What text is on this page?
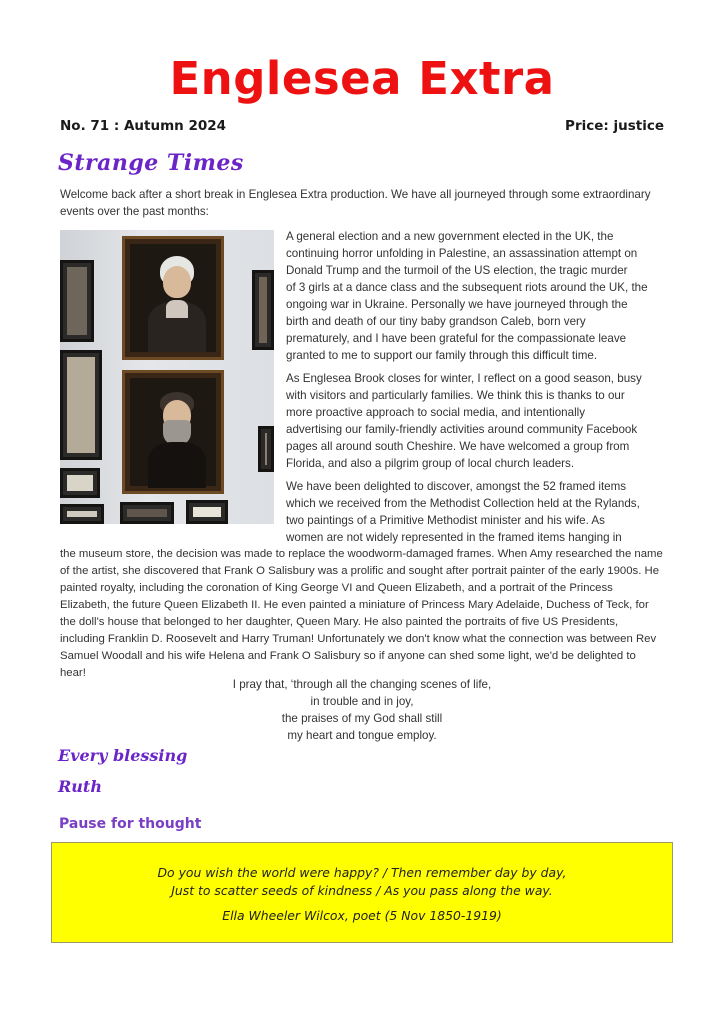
Englesea Extra
No. 71 : Autumn 2024	Price: justice
Strange Times

Welcome back after a short break in Englesea Extra production. We have all journeyed through some extraordinary events over the past months:

A general election and a new government elected in the UK, the

continuing horror unfolding in Palestine, an assassination attempt on

Donald Trump and the turmoil of the US election, the tragic murder

of 3 girls at a dance class and the subsequent riots around the UK, the

ongoing war in Ukraine. Personally we have journeyed through the

birth and death of our tiny baby grandson Caleb, born very

prematurely, and I have been grateful for the compassionate leave

granted to me to support our family through this difficult time.

As Englesea Brook closes for winter, I reflect on a good season, busy

with visitors and particularly families. We think this is thanks to our

more proactive approach to social media, and intentionally

advertising our family-friendly activities around community Facebook

pages all around south Cheshire. We have welcomed a group from

Florida, and also a pilgrim group of local church leaders.

We have been delighted to discover, amongst the 52 framed items

which we received from the Methodist Collection held at the Rylands,

two paintings of a Primitive Methodist minister and his wife. As

women are not widely represented in the framed items hanging in

the museum store, the decision was made to replace the woodworm-damaged frames. When Amy researched the name of the artist, she discovered that Frank O Salisbury was a prolific and sought after portrait painter of the early 1900s. He painted royalty, including the coronation of King George VI and Queen Elizabeth, and a portrait of the Princess Elizabeth, the future Queen Elizabeth II. He even painted a miniature of Princess Mary Adelaide, Duchess of Teck, for the doll's house that belonged to her daughter, Queen Mary. He also painted the portraits of five US Presidents, including Franklin D. Roosevelt and Harry Truman! Unfortunately we don't know what the connection was between Rev Samuel Woodall and his wife Helena and Frank O Salisbury so if anyone can shed some light, we'd be delighted to hear!

I pray that, ‘through all the changing scenes of life,
in trouble and in joy,
the praises of my God shall still
my heart and tongue employ.
Every blessing
Ruth
Pause for thought
Do you wish the world were happy? / Then remember day by day,
Just to scatter seeds of kindness / As you pass along the way.
Ella Wheeler Wilcox, poet (5 Nov 1850-1919)
